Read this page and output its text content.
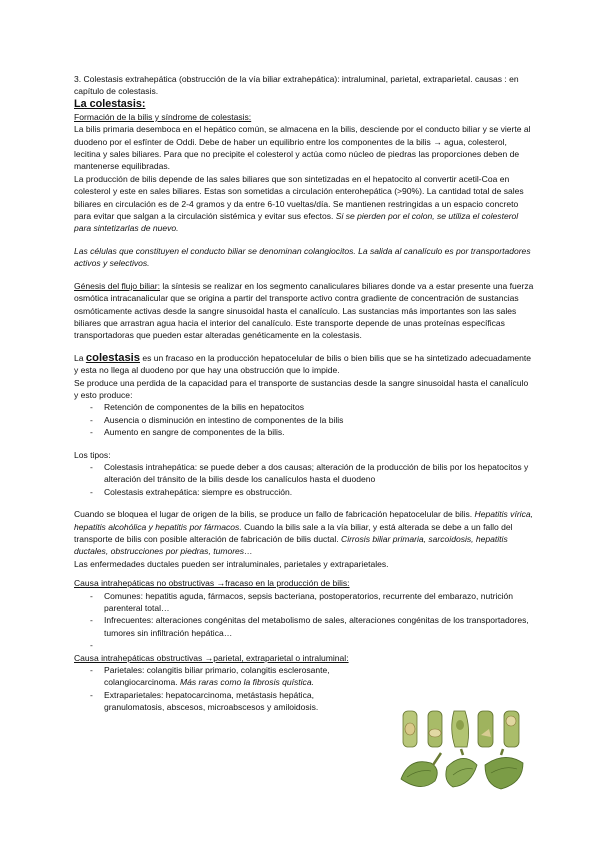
3. Colestasis extrahepática (obstrucción de la vía biliar extrahepática): intraluminal, parietal, extraparietal. causas : en capítulo de colestasis.

La colestasis:

Formación de la bilis y síndrome de colestasis:

La bilis primaria desemboca en el hepático común, se almacena en la bilis, desciende por el conducto biliar y se vierte al duodeno por el esfínter de Oddi. Debe de haber un equilibrio entre los componentes de la bilis → agua, colesterol, lecitina y sales biliares. Para que no precipite el colesterol y actúa como núcleo de piedras las proporciones deben de mantenerse equilibradas.

La producción de bilis depende de las sales biliares que son sintetizadas en el hepatocito al convertir acetil-Coa en colesterol y este en sales biliares. Estas son sometidas a circulación enterohepática (>90%). La cantidad total de sales biliares en circulación es de 2-4 gramos y da entre 6-10 vueltas/día. Se mantienen restringidas a un espacio concreto para evitar que salgan a la circulación sistémica y evitar sus efectos. Si se pierden por el colon, se utiliza el colesterol para sintetizarlas de nuevo.

Las células que constituyen el conducto biliar se denominan colangiocitos. La salida al canalículo es por transportadores activos y selectivos.

Génesis del flujo biliar: la síntesis se realizar en los segmento canaliculares biliares donde va a estar presente una fuerza osmótica intracanalicular que se origina a partir del transporte activo contra gradiente de concentración de sustancias osmóticamente activas desde la sangre sinusoidal hasta el canalículo. Las sustancias más importantes son las sales biliares que arrastran agua hacia el interior del canalículo. Este transporte depende de unas proteínas específicas transportadoras que pueden estar alteradas genéticamente en la colestasis.

La colestasis es un fracaso en la producción hepatocelular de bilis o bien bilis que se ha sintetizado adecuadamente y esta no llega al duodeno por que hay una obstrucción que lo impide.

Se produce una perdida de la capacidad para el transporte de sustancias desde la sangre sinusoidal hasta el canalículo y esto produce:

- Retención de componentes de la bilis en hepatocitos
- Ausencia o disminución en intestino de componentes de la bilis
- Aumento en sangre de componentes de la bilis.

Los tipos:

- Colestasis intrahepática: se puede deber a dos causas; alteración de la producción de bilis por los hepatocitos y alteración del tránsito de la bilis desde los canalículos hasta el duodeno
- Colestasis extrahepática: siempre es obstrucción.

Cuando se bloquea el lugar de origen de la bilis, se produce un fallo de fabricación hepatocelular de bilis. Hepatitis vírica, hepatitis alcohólica y hepatitis por fármacos. Cuando la bilis sale a la vía biliar, y está alterada se debe a un fallo del transporte de bilis con posible alteración de fabricación de bilis ductal. Cirrosis biliar primaria, sarcoidosis, hepatitis ductales, obstrucciones por piedras, tumores…

Las enfermedades ductales pueden ser intraluminales, parietales y extraparietales.

Causa intrahepáticas no obstructivas →fracaso en la producción de bilis:

- Comunes: hepatitis aguda, fármacos, sepsis bacteriana, postoperatorios, recurrente del embarazo, nutrición parenteral total…
- Infrecuentes: alteraciones congénitas del metabolismo de sales, alteraciones congénitas de los transportadores, tumores sin infiltración hepática…
-

Causa intrahepáticas obstructivas →parietal, extraparietal o intraluminal:

- Parietales: colangitis biliar primario, colangitis esclerosante, colangiocarcinoma. Más raras como la fibrosis quística.
- Extraparietales: hepatocarcinoma, metástasis hepática, granulomatosis, abscesos, microabscesos y amiloidosis.
